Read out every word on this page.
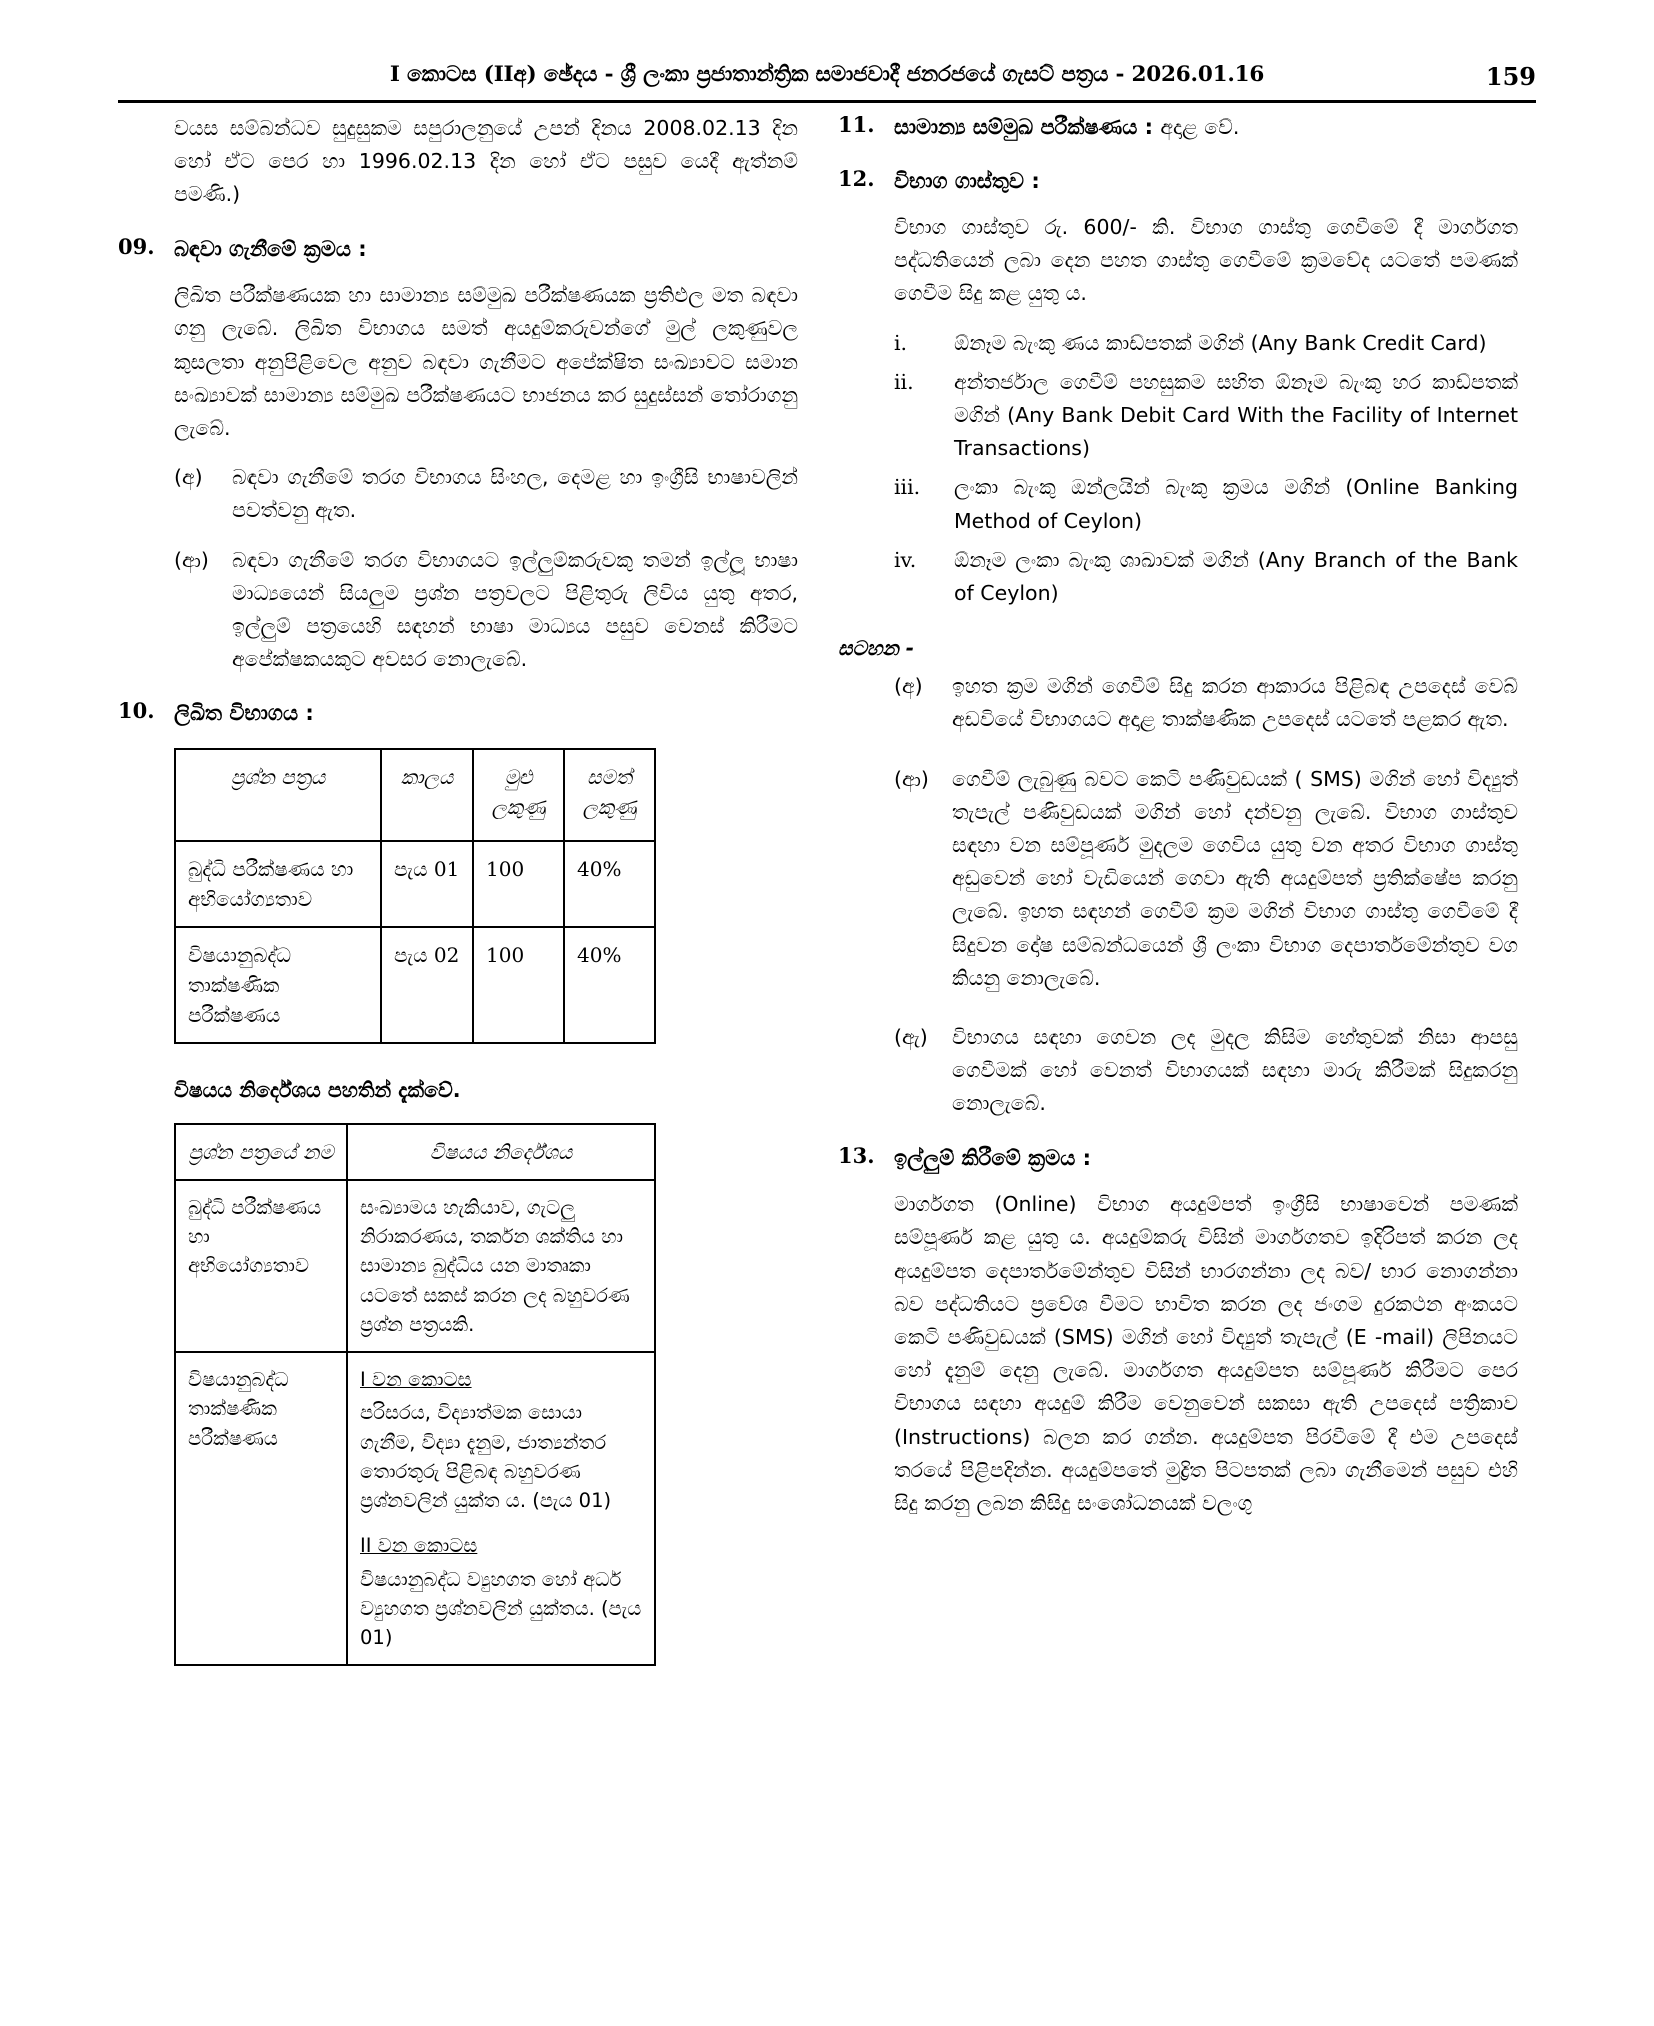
I කොටස (IIඅ) ඡේදය - ශ්‍රී ලංකා ප්‍රජාතාන්ත්‍රික සමාජවාදී ජනරජයේ ගැසට් පත්‍රය - 2026.01.16	159

වයස සම්බන්ධව සුදුසුකම සපුරාලනුයේ උපන් දිනය 2008.02.13 දින හෝ ඒට පෙර හා 1996.02.13 දින හෝ ඒට පසුව යෙදී ඇත්නම් පමණි.)

09. බඳවා ගැනීමේ ක්‍රමය :

ලිඛිත පරීක්ෂණයක හා සාමාන්‍ය සම්මුඛ පරීක්ෂණයක ප්‍රතිඵල මත බඳවා ගනු ලැබේ. ලිඛිත විභාගය සමත් අයදුම්කරුවන්ගේ මුල් ලකුණුවල කුසලතා අනුපිළිවෙල අනුව බඳවා ගැනීමට අපේක්ෂිත සංඛ්‍යාවට සමාන සංඛ්‍යාවක් සාමාන්‍ය සම්මුඛ පරීක්ෂණයට භාජනය කර සුදුස්සන් තෝරාගනු ලැබේ.

(අ)	බඳවා ගැනීමේ තරග විභාගය සිංහල, දෙමළ හා ඉංග්‍රීසි භාෂාවලින් පවත්වනු ඇත.
(ආ)	බඳවා ගැනීමේ තරග විභාගයට ඉල්ලුම්කරුවකු තමන් ඉල්ලූ භාෂා මාධ්‍යයෙන් සියලුම ප්‍රශ්න පත්‍රවලට පිළිතුරු ලිවිය යුතු අතර, ඉල්ලුම් පත්‍රයෙහි සඳහන් භාෂා මාධ්‍යය පසුව වෙනස් කිරීමට අපේක්ෂකයකුට අවසර නොලැබේ.
10. ලිඛිත විභාගය :
ප්‍රශ්න පත්‍රය	කාලය	මුළු ලකුණු	සමත් ලකුණු
බුද්ධි පරීක්ෂණය හා අභියෝග්‍යතාව	පැය 01	100	40%
විෂයානුබද්ධ තාක්ෂණික පරීක්ෂණය	පැය 02	100	40%
විෂයය නිර්දේශය පහතින් දැක්වේ.
ප්‍රශ්න පත්‍රයේ නම	විෂයය නිර්දේශය
බුද්ධි පරීක්ෂණය හා අභියෝග්‍යතාව	සංඛ්‍යාමය හැකියාව, ගැටලු නිරාකරණය, තර්කන ශක්තිය හා සාමාන්‍ය බුද්ධිය යන මාතෘකා යටතේ සකස් කරන ලද බහුවරණ ප්‍රශ්න පත්‍රයකි.
විෂයානුබද්ධ තාක්ෂණික පරීක්ෂණය	I වන කොටස
පරිසරය, විද්‍යාත්මක සොයා ගැනීම, විද්‍යා දැනුම, ජාත්‍යන්තර තොරතුරු පිළිබඳ බහුවරණ ප්‍රශ්නවලින් යුක්ත ය. (පැය 01)
II වන කොටස
විෂයානුබද්ධ ව්‍යුහගත හෝ අර්ධ ව්‍යුහගත ප්‍රශ්නවලින් යුක්තය. (පැය 01)
11. සාමාන්‍ය සම්මුඛ පරීක්ෂණය : අදාළ වේ.
12. විභාග ගාස්තුව :

විභාග ගාස්තුව රු. 600/- කි. විභාග ගාස්තු ගෙවීමේ දී මාර්ගගත පද්ධතියෙන් ලබා දෙන පහත ගාස්තු ගෙවීමේ ක්‍රමවේද යටතේ පමණක් ගෙවීම සිදු කළ යුතු ය.

i.	ඕනෑම බැංකු ණය කාඩ්පතක් මගින් (Any Bank Credit Card)
ii.	අන්තර්ජාල ගෙවීම් පහසුකම සහිත ඕනෑම බැංකු හර කාඩ්පතක් මගින් (Any Bank Debit Card With the Facility of Internet Transactions)
iii.	ලංකා බැංකු ඔන්ලයින් බැංකු ක්‍රමය මගින් (Online Banking Method of Ceylon)
iv.	ඕනෑම ලංකා බැංකු ශාඛාවක් මගින් (Any Branch of the Bank of Ceylon)
සටහන -
(අ)	ඉහත ක්‍රම මගින් ගෙවීම් සිදු කරන ආකාරය පිළිබඳ උපදෙස් වෙබ් අඩවියේ විභාගයට අදාළ තාක්ෂණික උපදෙස් යටතේ පළකර ඇත.
(ආ)	ගෙවීම් ලැබුණු බවට කෙටි පණිවුඩයක් ( SMS) මගින් හෝ විද්‍යුත් තැපැල් පණිවුඩයක් මගින් හෝ දන්වනු ලැබේ. විභාග ගාස්තුව සඳහා වන සම්පූර්ණ මුදලම ගෙවිය යුතු වන අතර විභාග ගාස්තු අඩුවෙන් හෝ වැඩියෙන් ගෙවා ඇති අයදුම්පත් ප්‍රතික්ෂේප කරනු ලැබේ. ඉහත සඳහන් ගෙවීම් ක්‍රම මගින් විභාග ගාස්තු ගෙවීමේ දී සිදුවන දෝෂ සම්බන්ධයෙන් ශ්‍රී ලංකා විභාග දෙපාර්තමේන්තුව වග කියනු නොලැබේ.
(ඇ)	විභාගය සඳහා ගෙවන ලද මුදල කිසිම හේතුවක් නිසා ආපසු ගෙවීමක් හෝ වෙනත් විභාගයක් සඳහා මාරු කිරීමක් සිදුකරනු නොලැබේ.
13. ඉල්ලුම් කිරීමේ ක්‍රමය :

මාර්ගගත (Online) විභාග අයදුම්පත් ඉංග්‍රීසි භාෂාවෙන් පමණක් සම්පූර්ණ කළ යුතු ය. අයදුම්කරු විසින් මාර්ගගතව ඉදිරිපත් කරන ලද අයදුම්පත දෙපාර්තමේන්තුව විසින් භාරගන්නා ලද බව/ භාර නොගන්නා බව පද්ධතියට ප්‍රවේශ වීමට භාවිත කරන ලද ජංගම දුරකථන අංකයට කෙටි පණිවුඩයක් (SMS) මගින් හෝ විද්‍යුත් තැපැල් (E -mail) ලිපිනයට හෝ දැනුම් දෙනු ලැබේ. මාර්ගගත අයදුම්පත සම්පූර්ණ කිරීමට පෙර විභාගය සඳහා අයදුම් කිරීම වෙනුවෙන් සකසා ඇති උපදෙස් පත්‍රිකාව (Instructions) බලන කර ගන්න. අයදුම්පත පිරවීමේ දී එම උපදෙස් තරයේ පිළිපදින්න. අයදුම්පතේ මුද්‍රිත පිටපතක් ලබා ගැනීමෙන් පසුව එහි සිදු කරනු ලබන කිසිදු සංශෝධනයක් වලංගු
